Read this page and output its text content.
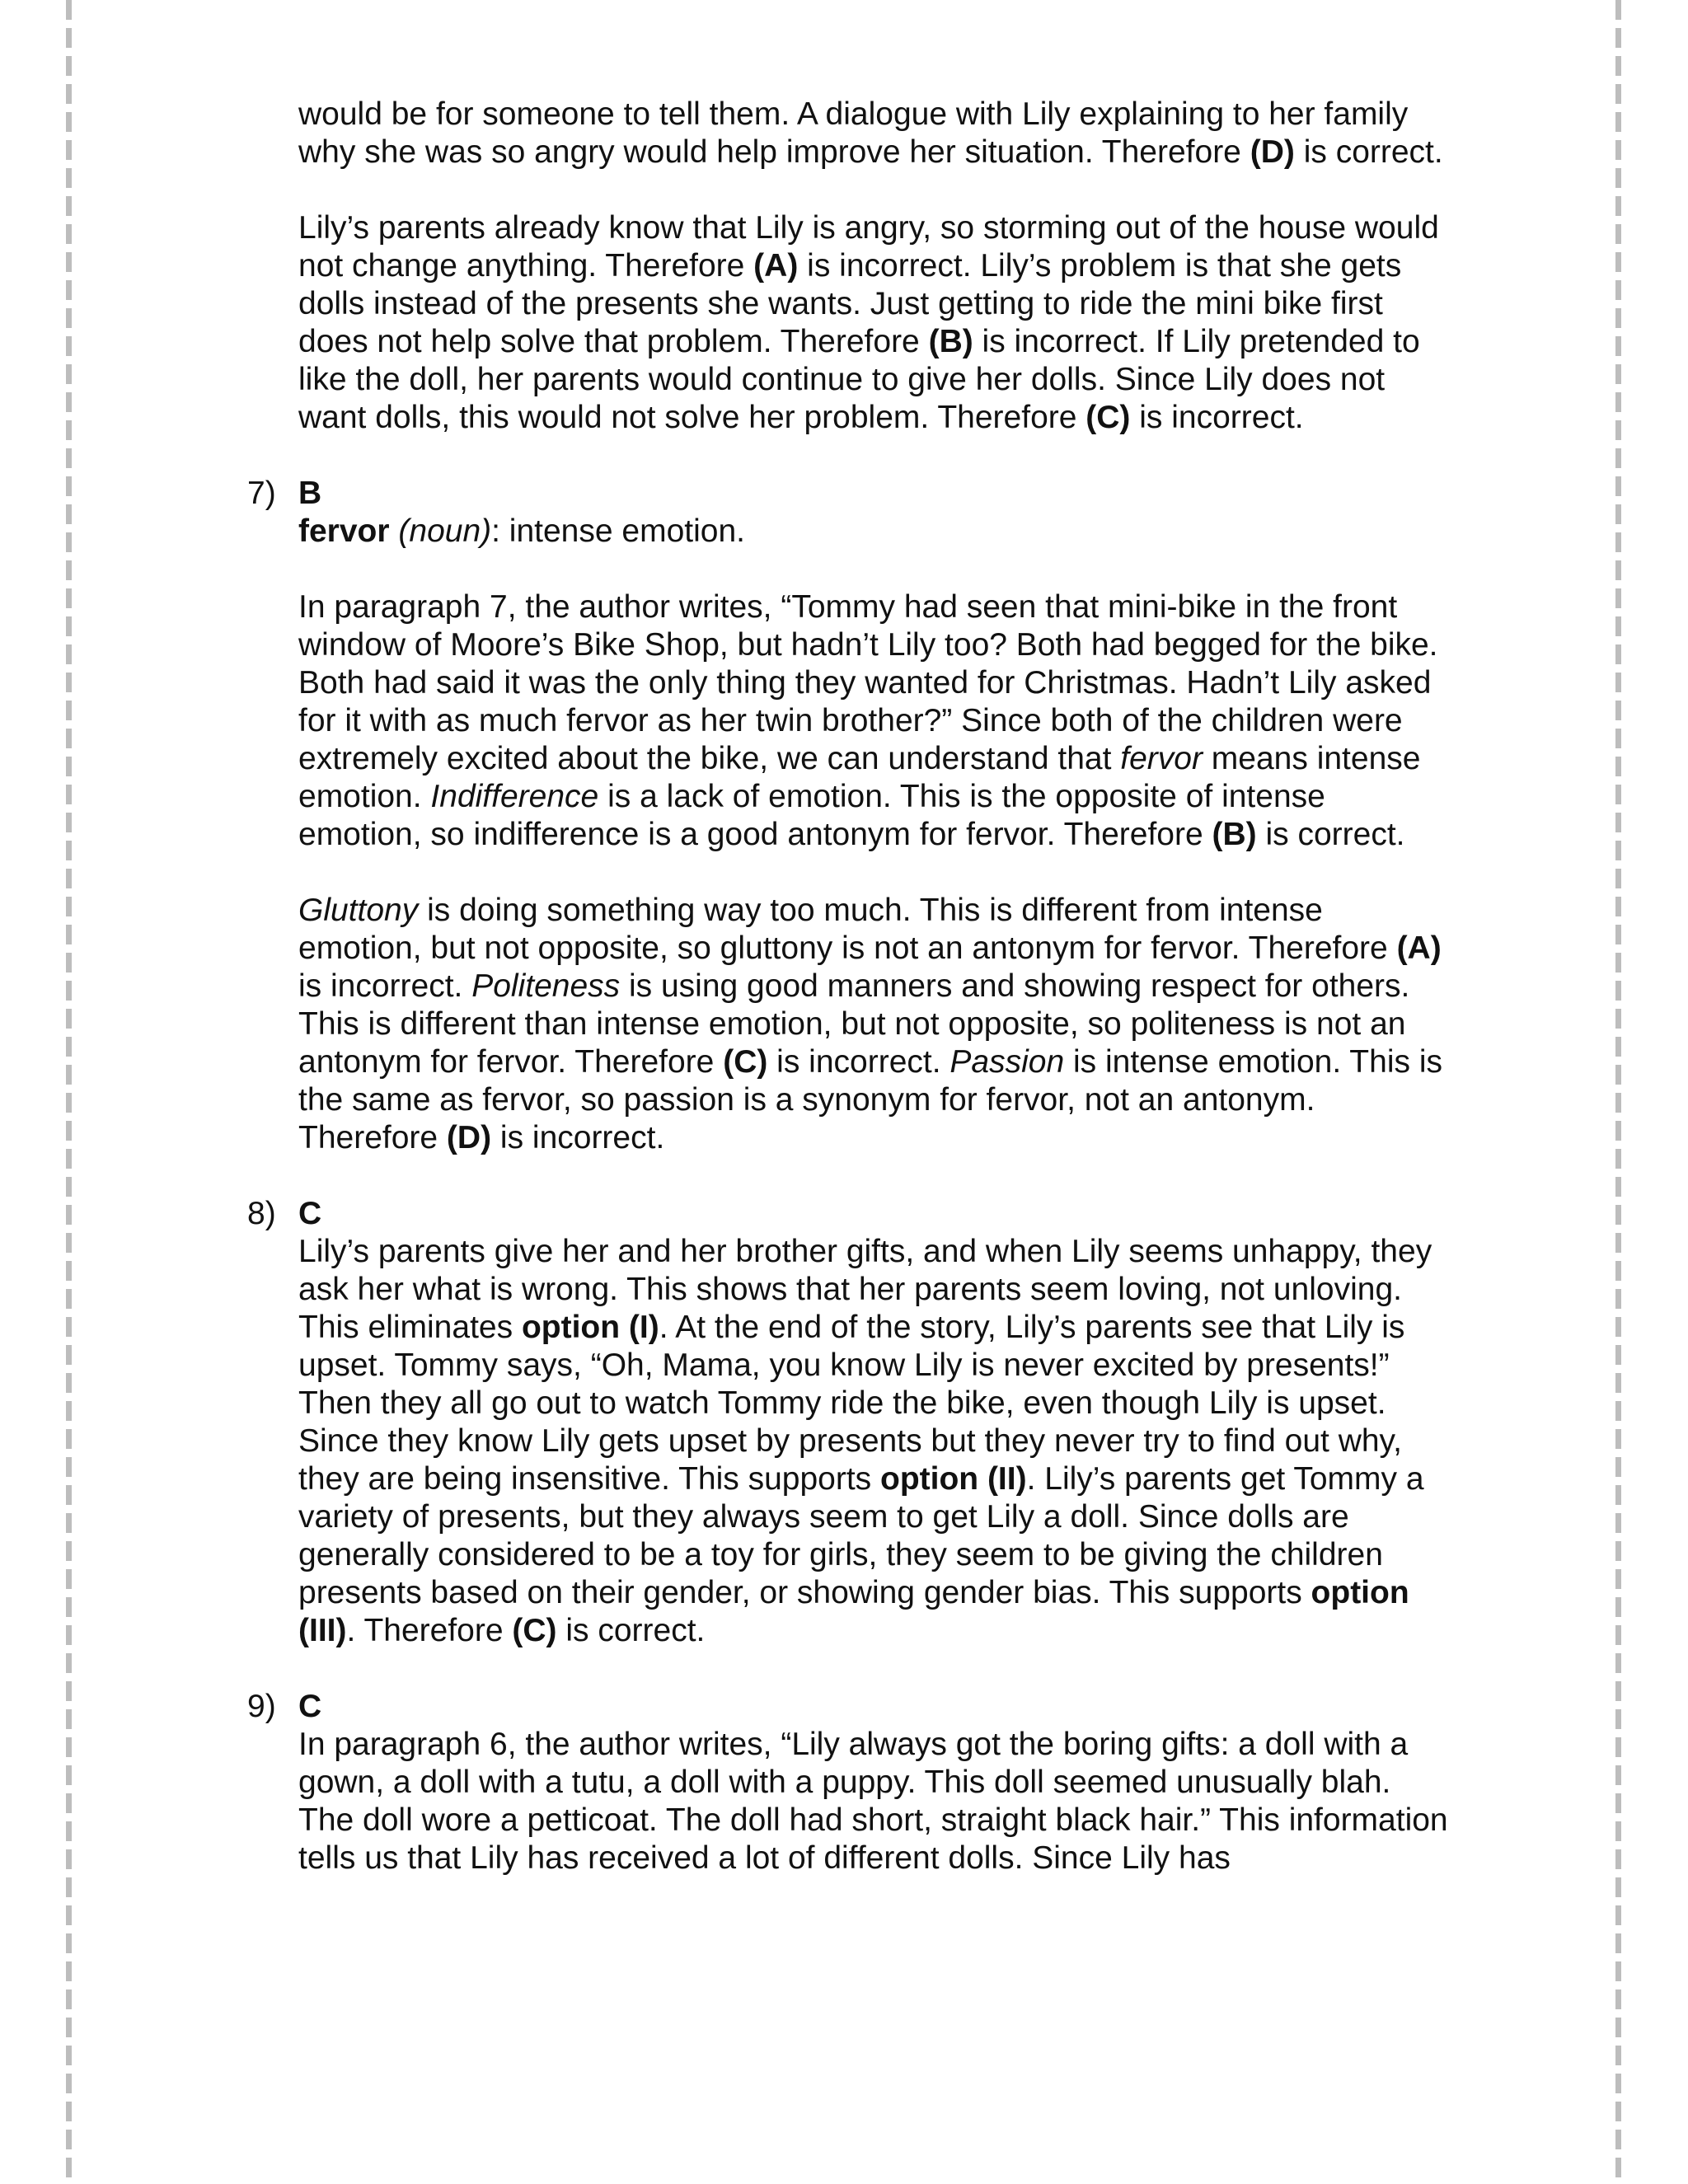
would be for someone to tell them. A dialogue with Lily explaining to her family why she was so angry would help improve her situation. Therefore (D) is correct.

Lily’s parents already know that Lily is angry, so storming out of the house would not change anything. Therefore (A) is incorrect. Lily’s problem is that she gets dolls instead of the presents she wants. Just getting to ride the mini bike first does not help solve that problem. Therefore (B) is incorrect. If Lily pretended to like the doll, her parents would continue to give her dolls. Since Lily does not want dolls, this would not solve her problem. Therefore (C) is incorrect.

7) B

fervor (noun): intense emotion.

In paragraph 7, the author writes, “Tommy had seen that mini-bike in the front window of Moore’s Bike Shop, but hadn’t Lily too? Both had begged for the bike. Both had said it was the only thing they wanted for Christmas. Hadn’t Lily asked for it with as much fervor as her twin brother?” Since both of the children were extremely excited about the bike, we can understand that fervor means intense emotion. Indifference is a lack of emotion. This is the opposite of intense emotion, so indifference is a good antonym for fervor. Therefore (B) is correct.

Gluttony is doing something way too much. This is different from intense emotion, but not opposite, so gluttony is not an antonym for fervor. Therefore (A) is incorrect. Politeness is using good manners and showing respect for others. This is different than intense emotion, but not opposite, so politeness is not an antonym for fervor. Therefore (C) is incorrect. Passion is intense emotion. This is the same as fervor, so passion is a synonym for fervor, not an antonym. Therefore (D) is incorrect.

8) C

Lily’s parents give her and her brother gifts, and when Lily seems unhappy, they ask her what is wrong. This shows that her parents seem loving, not unloving. This eliminates option (I). At the end of the story, Lily’s parents see that Lily is upset. Tommy says, “Oh, Mama, you know Lily is never excited by presents!” Then they all go out to watch Tommy ride the bike, even though Lily is upset. Since they know Lily gets upset by presents but they never try to find out why, they are being insensitive. This supports option (II). Lily’s parents get Tommy a variety of presents, but they always seem to get Lily a doll. Since dolls are generally considered to be a toy for girls, they seem to be giving the children presents based on their gender, or showing gender bias. This supports option (III). Therefore (C) is correct.

9) C

In paragraph 6, the author writes, “Lily always got the boring gifts: a doll with a gown, a doll with a tutu, a doll with a puppy. This doll seemed unusually blah. The doll wore a petticoat. The doll had short, straight black hair.” This information tells us that Lily has received a lot of different dolls. Since Lily has
